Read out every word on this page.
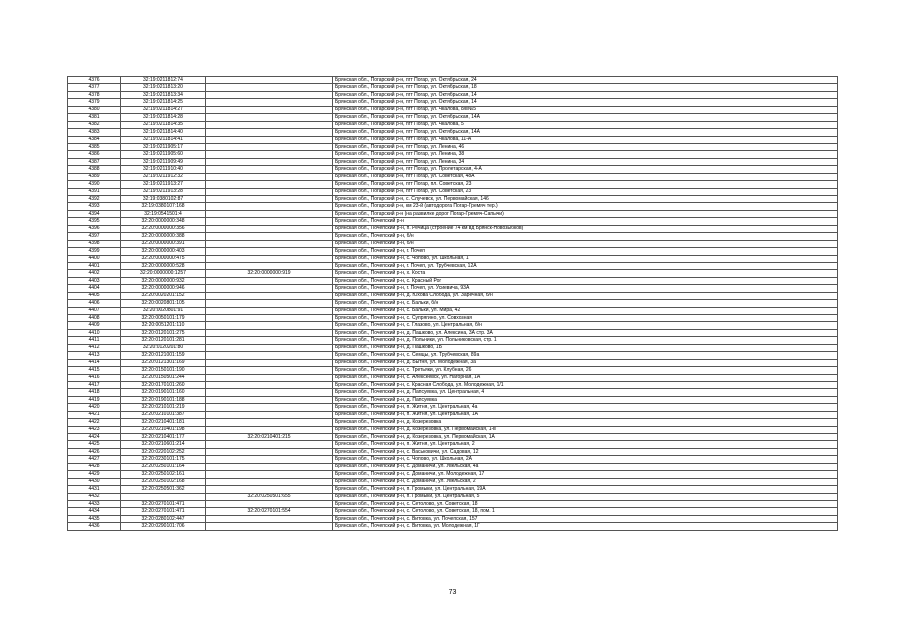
4376	32:19:0211812:74		Брянская обл., Погарский р-н, пгт Погар, ул. Октябрьская, 24
4377	32:19:0211813:20		Брянская обл., Погарский р-н, пгт Погар, ул. Октябрьская, 18
4378	32:19:0211813:34		Брянская обл., Погарский р-н, пгт Погар, ул. Октябрьская, 14
4379	32:19:0211814:25		Брянская обл., Погарский р-н, пгт Погар, ул. Октябрьская, 14
4380	32:19:0211814:27		Брянская обл., Погарский р-н, пгт Погар, ул. Чкалова, 8/в№5
4381	32:19:0211814:28		Брянская обл., Погарский р-н, пгт Погар, ул. Октябрьская, 14А
4382	32:19:0211814:35		Брянская обл., Погарский р-н, пгт Погар, ул. Чкалова, 5
4383	32:19:0211814:40		Брянская обл., Погарский р-н, пгт Погар, ул. Октябрьская, 14А
4384	32:19:0211814:41		Брянская обл., Погарский р-н, пгт Погар, ул. Чкалова, 11-А
4385	32:19:0211905:17		Брянская обл., Погарский р-н, пгт Погар, ул. Ленина, 46
4386	32:19:0211905:60		Брянская обл., Погарский р-н, пгт Погар, ул. Ленина, 38
4387	32:19:0211909:49		Брянская обл., Погарский р-н, пгт Погар, ул. Ленина, 34
4388	32:19:0211910:40		Брянская обл., Погарский р-н, пгт Погар, ул. Пролетарская, 4-А
4389	32:19:0211912:32		Брянская обл., Погарский р-н, пгт Погар, ул. Советская, 48А
4390	32:19:0211913:27		Брянская обл., Погарский р-н, пгт Погар, пл. Советская, 23
4391	32:19:0211913:28		Брянская обл., Погарский р-н, пгт Погар, ул. Советская, 23
4392	32:19:0380102:87		Брянская обл., Погарский р-н, с. Случевск, ул. Первомайская, 146
4393	32:19:0380107:168		Брянская обл., Погарский р-н, км 23-й (автодорога Погар-Гремяч тер.)
4394	32:19:0541501:4		Брянская обл., Погарский р-н (на развилке дорог Погар-Гремяч-Сапычи)
4395	32:20:0000000:348		Брянская обл., Почепский р-н
4396	32:20:0000000:356		Брянская обл., Почепский р-н, п. Речица (строение 74 км вд Брянск-Новозыбков)
4397	32:20:0000000:388		Брянская обл., Почепский р-н, б/н
4398	32:20:0000000:391		Брянская обл., Почепский р-н, б/н
4399	32:20:0000000:403		Брянская обл., Почепский р-н, г. Почеп
4400	32:20:0000000:475		Брянская обл., Почепский р-н, с. Чоповo, ул. Школьная, 1
4401	32:20:0000000:528		Брянская обл., Почепский р-н, г. Почеп, ул. Трубчевская, 12А
4402	32:20:0000000:1257	32:20:0000000:919	Брянская обл., Почепский р-н, х. Костa
4403	32:20:0000000:932		Брянская обл., Почепский р-н, с. Красный Рог
4404	32:20:0000000:946		Брянская обл., Почепский р-н, г. Почеп, ул. Усиевича, 93А
4405	32:20:0020201:152		Брянская обл., Почепский р-н, д. Юхова Слобода, ул. Заречная, б/н
4406	32:20:0020801:105		Брянская обл., Почепский р-н, с. Бальки, б/н
4407	32:20:0020801:91		Брянская обл., Почепский р-н, с. Бальки, ул. Мира, 42
4408	32:20:0050101:179		Брянская обл., Почепский р-н, с. Супрягино, ул. Совхозная
4409	32:20:0051201:110		Брянская обл., Почепский р-н, с. Глазово, ул. Центральная, б/н
4410	32:20:0120101:275		Брянская обл., Почепский р-н, д. Пашково, ул. Алексина, 3А стр. 3А
4411	32:20:0120101:281		Брянская обл., Почепский р-н, д. Польники, ул. Польниковская, стр. 1
4412	32:20:0120201:80		Брянская обл., Почепский р-н, д. Пашково, 1Б
4413	32:20:0121001:159		Брянская обл., Почепский р-н, с. Семцы, ул. Трубчевская, 89а
4414	32:20:0121301:169		Брянская обл., Почепский р-н, д. Бытня, ул. Молодежная, 3а
4415	32:20:0150101:190		Брянская обл., Почепский р-н, с. Третьяки, ул. Клубная, 26
4416	32:20:0150501:244		Брянская обл., Почепский р-н, с. Алексеевск, ул. Нагорная, 1А
4417	32:20:0170101:260		Брянская обл., Почепский р-н, с. Красная Слобода, ул. Молодежная, 1/1
4418	32:20:0190101:160		Брянская обл., Почепский р-н, д. Папсуевка, ул. Центральная, 4
4419	32:20:0190101:188		Брянская обл., Почепский р-н, д. Папсуевка
4420	32:20:0210101:219		Брянская обл., Почепский р-н, п. Житня, ул. Центральная, 4а
4421	32:20:0210101:387		Брянская обл., Почепский р-н, п. Житня, ул. Центральная, 1А
4422	32:20:0210401:181		Брянская обл., Почепский р-н, д. Козерезовка
4423	32:20:0210401:198		Брянская обл., Почепский р-н, д. Козерезовка, ул. Первомайская, 1-в
4424	32:20:0210401:177	32:20:0210401:215	Брянская обл., Почепский р-н, д. Козерезовка, ул. Первомайская, 1А
4425	32:20:0210601:214		Брянская обл., Почепский р-н, п. Житня, ул. Центральная, 2
4426	32:20:0220102:252		Брянская обл., Почепский р-н, с. Васьковичи, ул. Садовая, 12
4427	32:20:0230101:175		Брянская обл., Почепский р-н, с. Чоповo, ул. Школьная, 2А
4428	32:20:0250101:164		Брянская обл., Почепский р-н, с. Доманичи, ул. Увельская, 4а
4429	32:20:0250102:161		Брянская обл., Почепский р-н, с. Доманичи, ул. Молодежная, 17
4430	32:20:0250102:168		Брянская обл., Почепский р-н, с. Доманичи, ул. Увельская, 2
4431	32:20:0250501:362		Брянская обл., Почепский р-н, п. Громыки, ул. Центральная, 19А
4432		32:20:0250501:655	Брянская обл., Почепский р-н, п. Громыки, ул. Центральная, 5
4433	32:20:0270101:471		Брянская обл., Почепский р-н, с. Сетолово, ул. Советская, 18
4434	32:20:0270101:471	32:20:0270101:554	Брянская обл., Почепский р-н, с. Сетолово, ул. Советская, 18, пом. 1
4435	32:20:0280102:447		Брянская обл., Почепский р-н, с. Витовка, ул. Почепская, 157
4436	32:20:0290101:706		Брянская обл., Почепский р-н, с. Витовка, ул. Молодежная, 1Г
73
